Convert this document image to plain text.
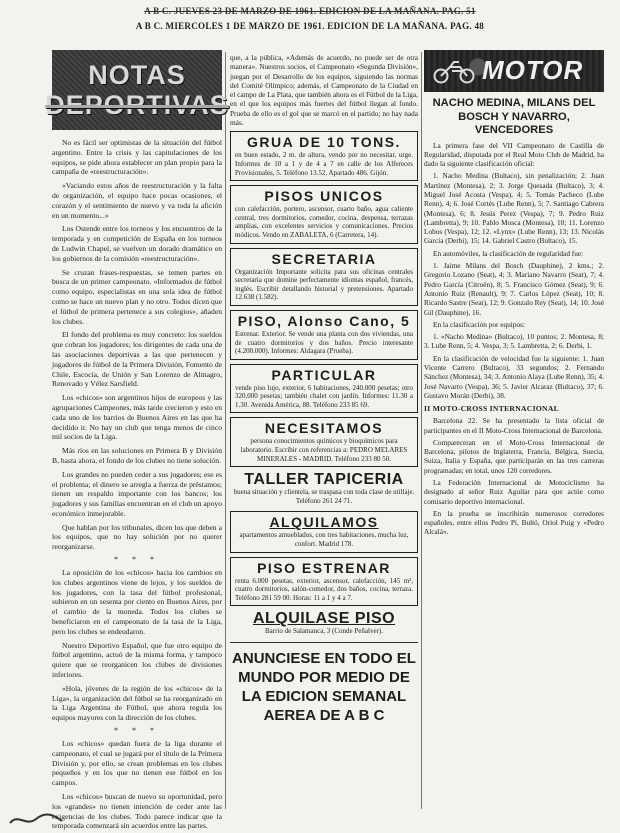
A B C. JUEVES 23 DE MARZO DE 1961. EDICION DE LA MAÑANA. PAG. 51
A B C. MIERCOLES 1 DE MARZO DE 1961. EDICION DE LA MAÑANA. PAG. 48
NOTAS
DEPORTIVAS

No es fácil ser optimistas de la situación del fútbol argentino. Entre la crisis y las capitulaciones de los equipos, se pide ahora establecer un plan propio para la campaña de «reestructuración».

«Vaciando estos años de reestructuración y la falta de organización, el equipo hace pocas ocasiones, el corazón y el sentimiento de nuevo y va toda la afición en un momento...»

Los Ostende entre los torneos y los encuentros de la temporada y en competición de España en los torneos de Ludwin Chapel, se vuelven un dorado dramático en los gobiernos de la comisión «reestructuración».

Se cruzan frases-respuestas, se temen partes en busca de un primer campeonato. «Informados de fútbol como equipo, especialistas en una sola idea de fútbol como se hace un nuevo plan y no otro. Todos dicen que el fútbol de primera pertenece a sus colegios», añaden los clubes.

El fondo del problema es muy concreto: los sueldos que cobran los jugadores; los dirigentes de cada una de las asociaciones deportivas a las que pertenecen y jugadores de fútbol de la Primera División, Fomento de Chile, Escocia, de Unión y San Lorenzo de Almagro, Renovado y Vélez Sarsfield.

Los «chicos» son argentinos hijos de europeos y las agrupaciones Campeones, más tarde crecieron y esto en cada uno de los barrios de Buenos Aires en las que ha decidido ir. No hay un club que tenga menos de cinco mil socios de la Liga.

Más ríos en las soluciones en Primera B y División B, hasta ahora, el fondo de los clubes no tiene solución.

Los grandes no pueden ceder a sus jugadores; ese es el problema; el dinero se arregla a fuerza de préstamos; tienen un respaldo importante con los bancos; los jugadores y sus familias encuentran en el club un apoyo económico inmejorable.

Que hablan por los tribunales, dicen los que deben a los equipos, que no hay solución por no querer reorganizarse.

* * *

La oposición de los «chicos» hacia los cambios en los clubes argentinos viene de lejos, y los sueldos de los jugadores, con la tasa del fútbol profesional, subieron en un sesenta por ciento en Buenos Aires, por el cambio de la moneda. Todos los clubes se beneficiaron en el campeonato de la tasa de la Liga, pero los clubes se endeudaron.

Nuestro Deportivo Español, que fue otro equipo de fútbol argentino, actuó de la misma forma, y tampoco quiere que se reorganicen los clubes de divisiones inferiores.

«Hola, jóvenes de la región de los «chicos» de la Liga», la organización del fútbol se ha reorganizado en la Liga Argentina de Fútbol, que ahora regula los equipos mayores con la dirección de los clubes.

* * *

Los «chicos» quedan fuera de la liga durante el campeonato, el cual se jugará por el título de la Primera División y, por ello, se crean problemas en los clubes pequeños y en los que no tienen ese fútbol en los campos.

Los «chicos» buscan de nuevo su oportunidad, pero los «grandes» no tienen intención de ceder ante las exigencias de los clubes. Todo parece indicar que la temporada comenzará sin acuerdos entre las partes.

que, a la pública, «Además de acuerdo, no puede ser de otra manera». Nuestros socios, el Campeonato «Segunda División», juegan por el Desarrollo de los equipos, siguiendo las normas del Comité Olímpico; además, el Campeonato de la Ciudad en el campo de La Plata, que también ahora es el Fútbol de la Liga, en el que los equipos más fuertes del fútbol llegan al fondo. Prueba de ello es el gol que se marcó en el partido; no hay nada más.

GRUA DE 10 TONS.
en buen estado, 2 m. de altura, vendo por no necesitar, urge. Informes de 10 a 1 y de 4 a 7 en calle de los Alfereces Provisionales, 5. Teléfono 13.52. Apartado 486. Gijón.
PISOS UNICOS
con calefacción, portero, ascensor, cuarto baño, agua caliente central, tres dormitorios, comedor, cocina, despensa, terrazas amplias, con excelentes servicios y comunicaciones. Precios módicos. Vendo en ZABALETA, 6 (Carretera, 14).
SECRETARIA
Organización Importante solicita para sus oficinas centrales secretaria que domine perfectamente idiomas español, francés, inglés. Escribir detallando historial y pretensiones. Apartado 12.638 (1.582).
PISO, Alonso Cano, 5
Estrenar. Exterior. Se vende una planta con dos viviendas, una de cuatro dormitorios y dos baños. Precio interesante (4.200.000). Informes: Aldagara (Prueba).
PARTICULAR
vende piso lujo, exterior, 6 habitaciones, 240.000 pesetas; otro 320.000 pesetas; también chalet con jardín. Informes: 11.30 a 1.30. Avenida América, 88. Teléfono 233 85 69.
NECESITAMOS
persona conocimientos químicos y bioquímicos para laboratorio. Escribir con referencias a: PEDRO MELARES MINERALES - MADRID. Teléfono 233 80 50.
TALLER TAPICERIA
buena situación y clientela, se traspasa con toda clase de utillaje. Teléfono 261 24 71.
ALQUILAMOS
apartamentos amueblados, con tres habitaciones, mucha luz, confort. Madrid 178.
PISO ESTRENAR
renta 6.000 pesetas, exterior, ascensor, calefacción, 145 m², cuatro dormitorios, salón-comedor, dos baños, cocina, terraza. Teléfono 281 59 00. Horas: 11 a 1 y 4 a 7.
ALQUILASE PISO
Barrio de Salamanca, 3 (Conde Peñalver).
ANUNCIESE EN TODO EL MUNDO POR MEDIO DE LA EDICION SEMANAL AEREA DE A B C
MOTOR
NACHO MEDINA, MILANS DEL BOSCH Y NAVARRO, VENCEDORES

La primera fase del VII Campeonato de Castilla de Regularidad, disputada por el Real Moto Club de Madrid, ha dado la siguiente clasificación oficial:

1. Nacho Medina (Bultaco), sin penalización; 2. Juan Martínez (Montesa), 2; 3. Jorge Quesada (Bultaco), 3; 4. Miguel José Acosta (Vespa), 4; 5. Tomás Pacheco (Lube Renn), 4; 6. José Cortés (Lube Renn), 5; 7. Santiago Cabrera (Montesa), 6; 8. Jesús Perez (Vespa), 7; 9. Pedro Ruiz (Lambretta), 9; 10. Pablo Mosca (Montesa), 10; 11. Lorenzo Lobos (Vespa), 12; 12. «Lynx» (Lube Renn), 13; 13. Nicolás García (Derbi), 15; 14. Gabriel Castro (Bultaco), 15.

En automóviles, la clasificación de regularidad fue:

1. Jaime Milans del Bosch (Dauphine), 2 kms.; 2. Gregorio Lozano (Seat), 4; 3. Mariano Navarro (Seat), 7; 4. Pedro García (Citroën), 8; 5. Francisco Gómez (Seat), 9; 6. Antonio Ruiz (Renault), 9; 7. Carlos López (Seat), 10; 8. Ricardo Sastre (Seat), 12; 9. Gonzalo Rey (Seat), 14; 10. José Gil (Dauphine), 16.

En la clasificación por equipos:

1. «Nacho Medina» (Bultaco), 10 puntos; 2. Montesa, 8; 3. Lube Renn, 5; 4. Vespa, 3; 5. Lambretta, 2; 6. Derbi, 1.

En la clasificación de velocidad fue la siguiente: 1. Juan Vicente Carrero (Bultaco), 33 segundos; 2. Fernando Sánchez (Montesa), 34; 3. Antonio Alaya (Lube Renn), 35; 4. José Navarro (Vespa), 36; 5. Javier Alcaraz (Bultaco), 37; 6. Gustavo Morán (Derbi), 38.

II MOTO-CROSS INTERNACIONAL

Barcelona 22. Se ha presentado la lista oficial de participantes en el II Moto-Cross Internacional de Barcelona.

Compareceran en el Moto-Cross Internacional de Barcelona, pilotos de Inglaterra, Francia, Bélgica, Suecia, Suiza, Italia y España, que participarán en las tres carreras programadas; en total, unos 120 corredores.

La Federación Internacional de Motociclismo ha designado al señor Ruiz Aguilar para que actúe como comisario deportivo internacional.

En la prueba se inscribirán numerosos corredores españoles, entre ellos Pedro Pi, Bultó, Oriol Puig y «Pedro Alcalá».
